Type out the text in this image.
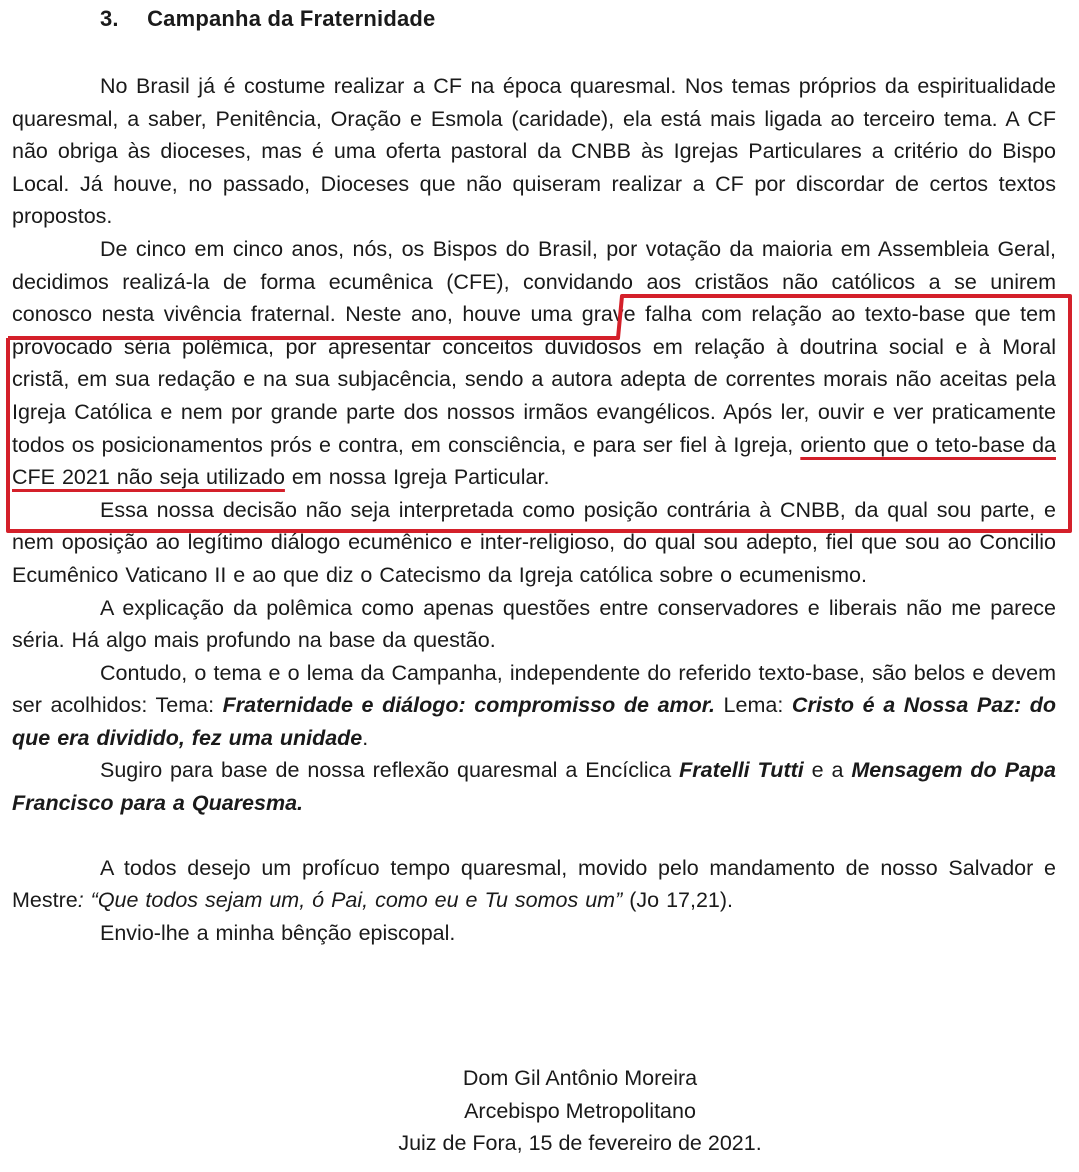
3. Campanha da Fraternidade

No Brasil já é costume realizar a CF na época quaresmal. Nos temas próprios da espiritualidade quaresmal, a saber, Penitência, Oração e Esmola (caridade), ela está mais ligada ao terceiro tema. A CF não obriga às dioceses, mas é uma oferta pastoral da CNBB às Igrejas Particulares a critério do Bispo Local. Já houve, no passado, Dioceses que não quiseram realizar a CF por discordar de certos textos propostos.

De cinco em cinco anos, nós, os Bispos do Brasil, por votação da maioria em Assembleia Geral, decidimos realizá-la de forma ecumênica (CFE), convidando aos cristãos não católicos a se unirem conosco nesta vivência fraternal. Neste ano, houve uma grave falha com relação ao texto-base que tem provocado séria polêmica, por apresentar conceitos duvidosos em relação à doutrina social e à Moral cristã, em sua redação e na sua subjacência, sendo a autora adepta de correntes morais não aceitas pela Igreja Católica e nem por grande parte dos nossos irmãos evangélicos. Após ler, ouvir e ver praticamente todos os posicionamentos prós e contra, em consciência, e para ser fiel à Igreja, oriento que o teto-base da CFE 2021 não seja utilizado em nossa Igreja Particular.

Essa nossa decisão não seja interpretada como posição contrária à CNBB, da qual sou parte, e nem oposição ao legítimo diálogo ecumênico e inter-religioso, do qual sou adepto, fiel que sou ao Concilio Ecumênico Vaticano II e ao que diz o Catecismo da Igreja católica sobre o ecumenismo.

A explicação da polêmica como apenas questões entre conservadores e liberais não me parece séria. Há algo mais profundo na base da questão.

Contudo, o tema e o lema da Campanha, independente do referido texto-base, são belos e devem ser acolhidos: Tema: Fraternidade e diálogo: compromisso de amor. Lema: Cristo é a Nossa Paz: do que era dividido, fez uma unidade.

Sugiro para base de nossa reflexão quaresmal a Encíclica Fratelli Tutti e a Mensagem do Papa Francisco para a Quaresma.

A todos desejo um profícuo tempo quaresmal, movido pelo mandamento de nosso Salvador e Mestre: “Que todos sejam um, ó Pai, como eu e Tu somos um” (Jo 17,21).

Envio-lhe a minha bênção episcopal.

Dom Gil Antônio Moreira
Arcebispo Metropolitano
Juiz de Fora, 15 de fevereiro de 2021.
